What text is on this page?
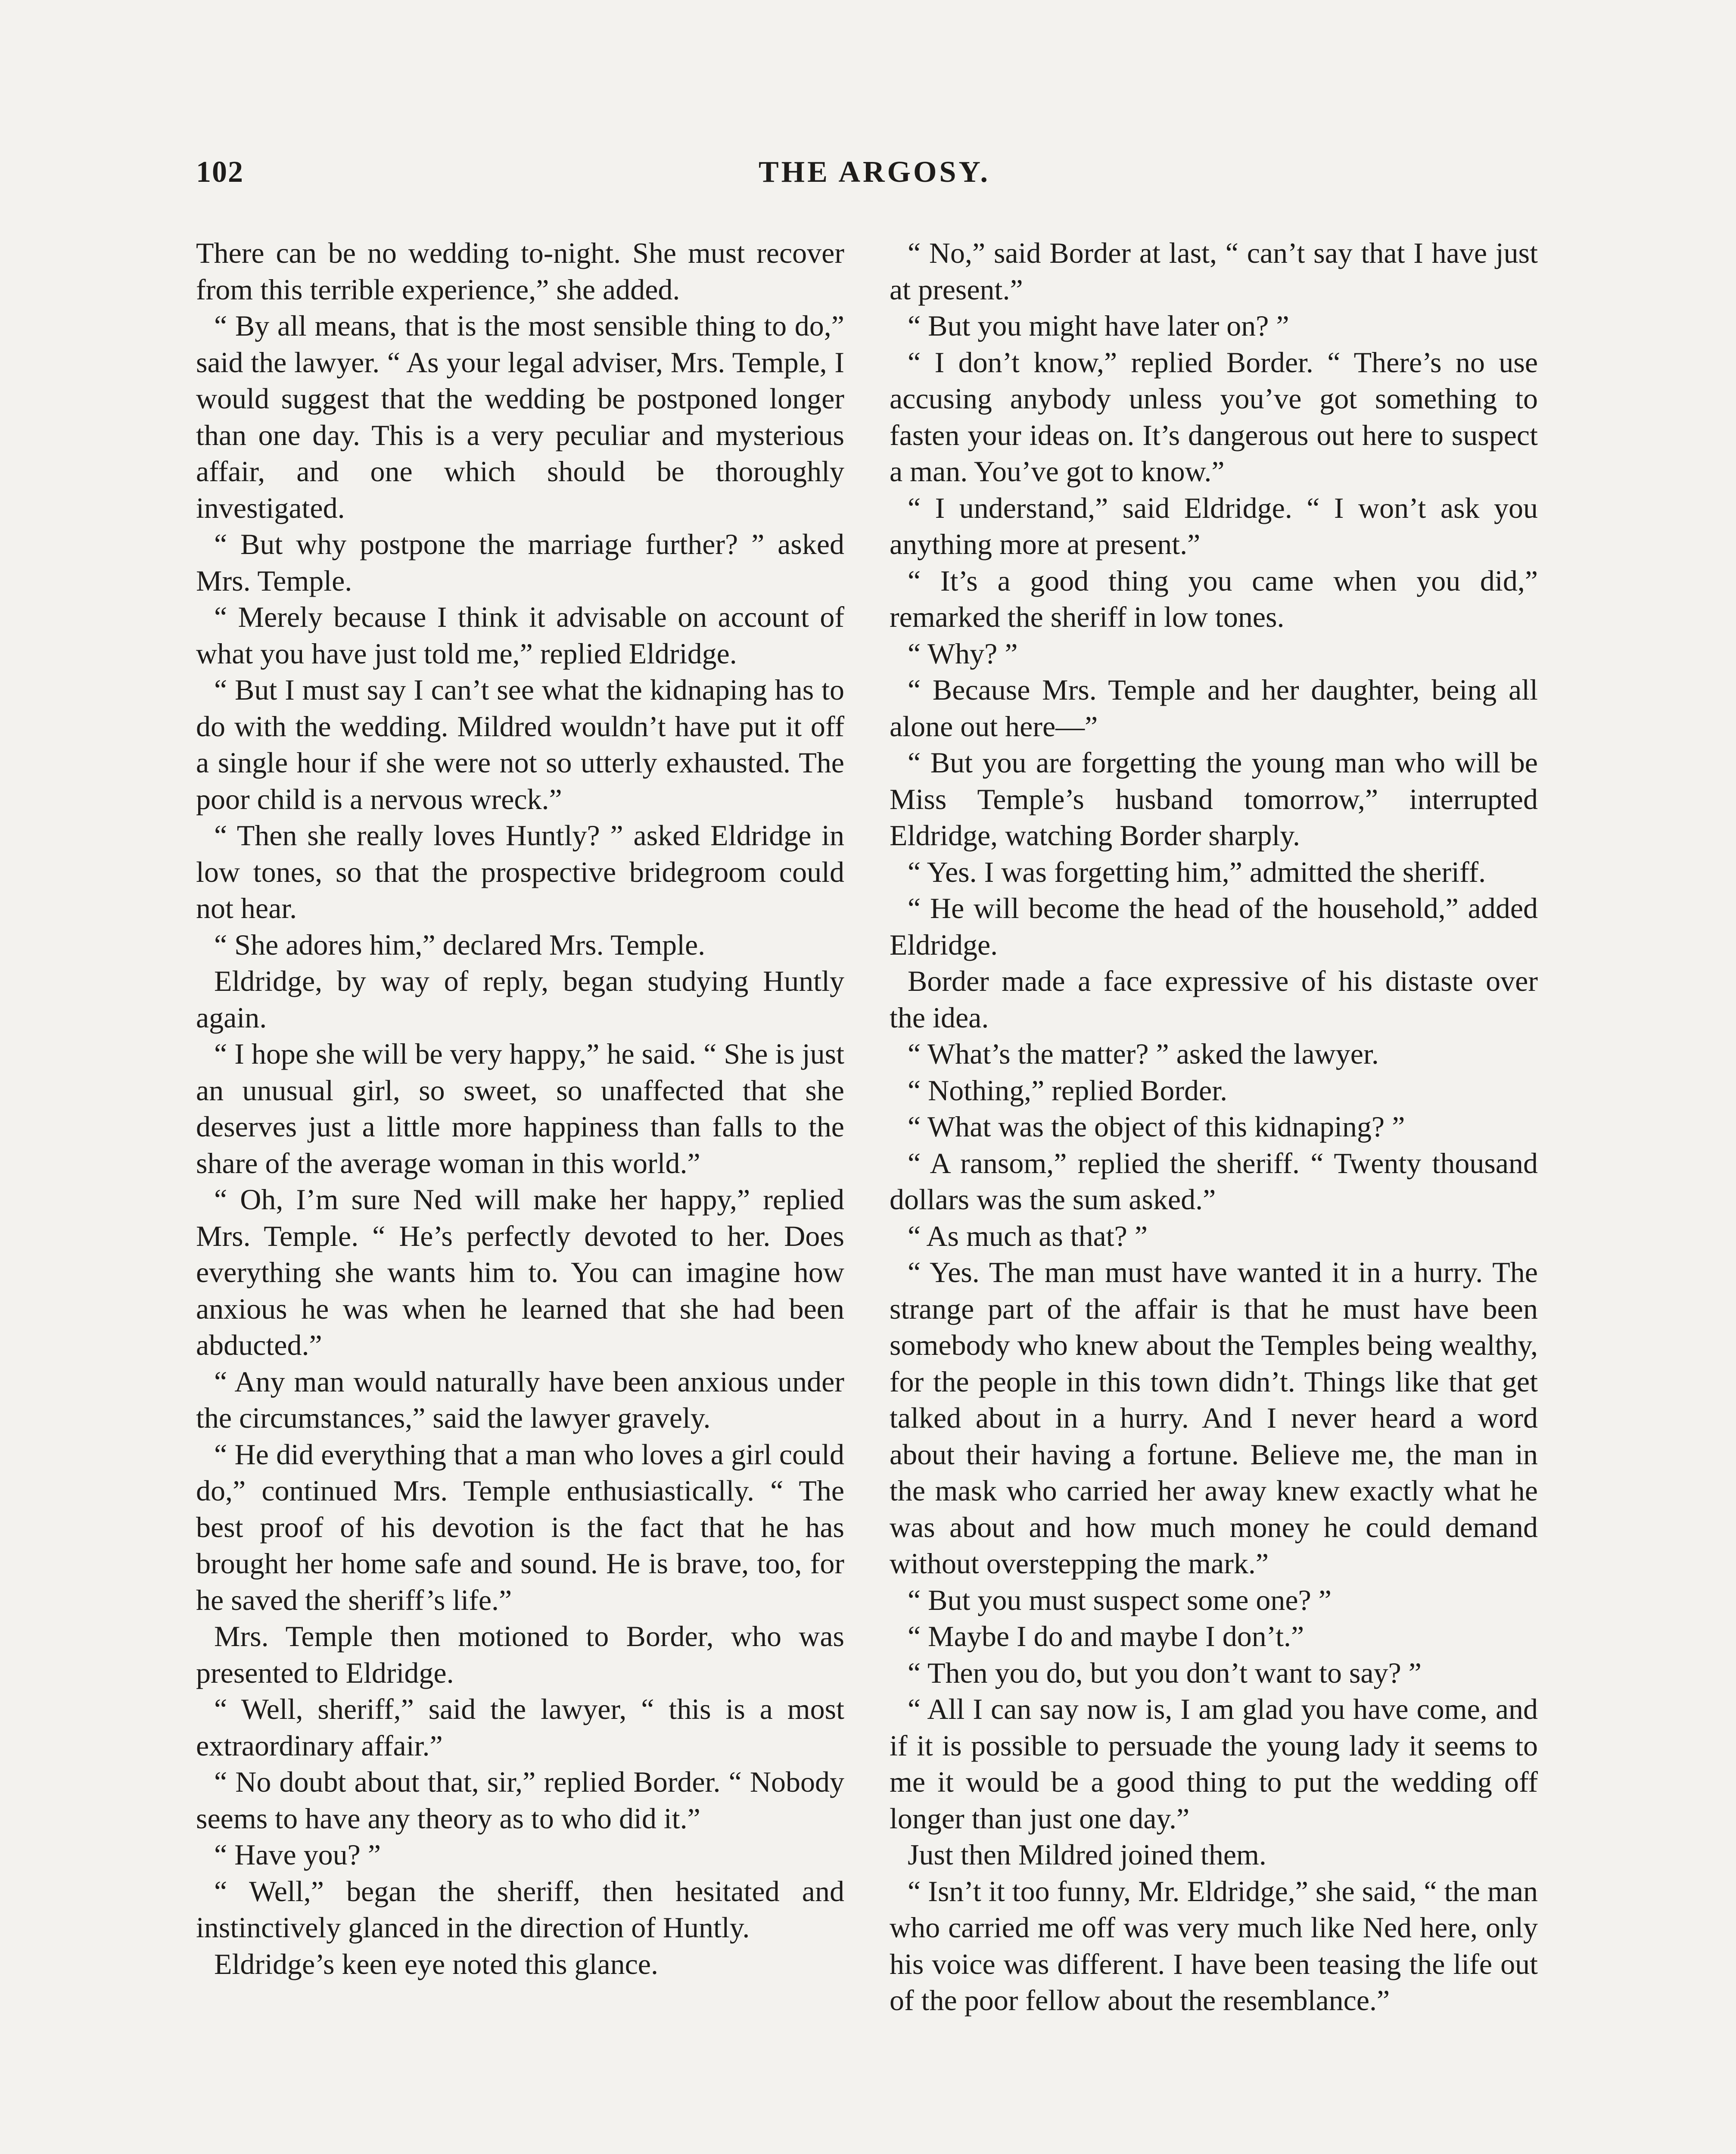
102	THE ARGOSY.

There can be no wedding to-night. She must recover from this terrible experience,” she added.

“ By all means, that is the most sensible thing to do,” said the lawyer. “ As your legal adviser, Mrs. Temple, I would suggest that the wedding be postponed longer than one day. This is a very peculiar and mysterious affair, and one which should be thoroughly investigated.

“ But why postpone the marriage further? ” asked Mrs. Temple.

“ Merely because I think it advisable on account of what you have just told me,” replied Eldridge.

“ But I must say I can’t see what the kidnaping has to do with the wedding. Mildred wouldn’t have put it off a single hour if she were not so utterly exhausted. The poor child is a nervous wreck.”

“ Then she really loves Huntly? ” asked Eldridge in low tones, so that the prospective bridegroom could not hear.

“ She adores him,” declared Mrs. Temple.

Eldridge, by way of reply, began studying Huntly again.

“ I hope she will be very happy,” he said. “ She is just an unusual girl, so sweet, so unaffected that she deserves just a little more happiness than falls to the share of the average woman in this world.”

“ Oh, I’m sure Ned will make her happy,” replied Mrs. Temple. “ He’s perfectly devoted to her. Does everything she wants him to. You can imagine how anxious he was when he learned that she had been abducted.”

“ Any man would naturally have been anxious under the circumstances,” said the lawyer gravely.

“ He did everything that a man who loves a girl could do,” continued Mrs. Temple enthusiastically. “ The best proof of his devotion is the fact that he has brought her home safe and sound. He is brave, too, for he saved the sheriff’s life.”

Mrs. Temple then motioned to Border, who was presented to Eldridge.

“ Well, sheriff,” said the lawyer, “ this is a most extraordinary affair.”

“ No doubt about that, sir,” replied Border. “ Nobody seems to have any theory as to who did it.”

“ Have you? ”

“ Well,” began the sheriff, then hesitated and instinctively glanced in the direction of Huntly.

Eldridge’s keen eye noted this glance.

“ No,” said Border at last, “ can’t say that I have just at present.”

“ But you might have later on? ”

“ I don’t know,” replied Border. “ There’s no use accusing anybody unless you’ve got something to fasten your ideas on. It’s dangerous out here to suspect a man. You’ve got to know.”

“ I understand,” said Eldridge. “ I won’t ask you anything more at present.”

“ It’s a good thing you came when you did,” remarked the sheriff in low tones.

“ Why? ”

“ Because Mrs. Temple and her daughter, being all alone out here—”

“ But you are forgetting the young man who will be Miss Temple’s husband tomorrow,” interrupted Eldridge, watching Border sharply.

“ Yes. I was forgetting him,” admitted the sheriff.

“ He will become the head of the household,” added Eldridge.

Border made a face expressive of his distaste over the idea.

“ What’s the matter? ” asked the lawyer.

“ Nothing,” replied Border.

“ What was the object of this kidnaping? ”

“ A ransom,” replied the sheriff. “ Twenty thousand dollars was the sum asked.”

“ As much as that? ”

“ Yes. The man must have wanted it in a hurry. The strange part of the affair is that he must have been somebody who knew about the Temples being wealthy, for the people in this town didn’t. Things like that get talked about in a hurry. And I never heard a word about their having a fortune. Believe me, the man in the mask who carried her away knew exactly what he was about and how much money he could demand without overstepping the mark.”

“ But you must suspect some one? ”

“ Maybe I do and maybe I don’t.”

“ Then you do, but you don’t want to say? ”

“ All I can say now is, I am glad you have come, and if it is possible to persuade the young lady it seems to me it would be a good thing to put the wedding off longer than just one day.”

Just then Mildred joined them.

“ Isn’t it too funny, Mr. Eldridge,” she said, “ the man who carried me off was very much like Ned here, only his voice was different. I have been teasing the life out of the poor fellow about the resemblance.”
